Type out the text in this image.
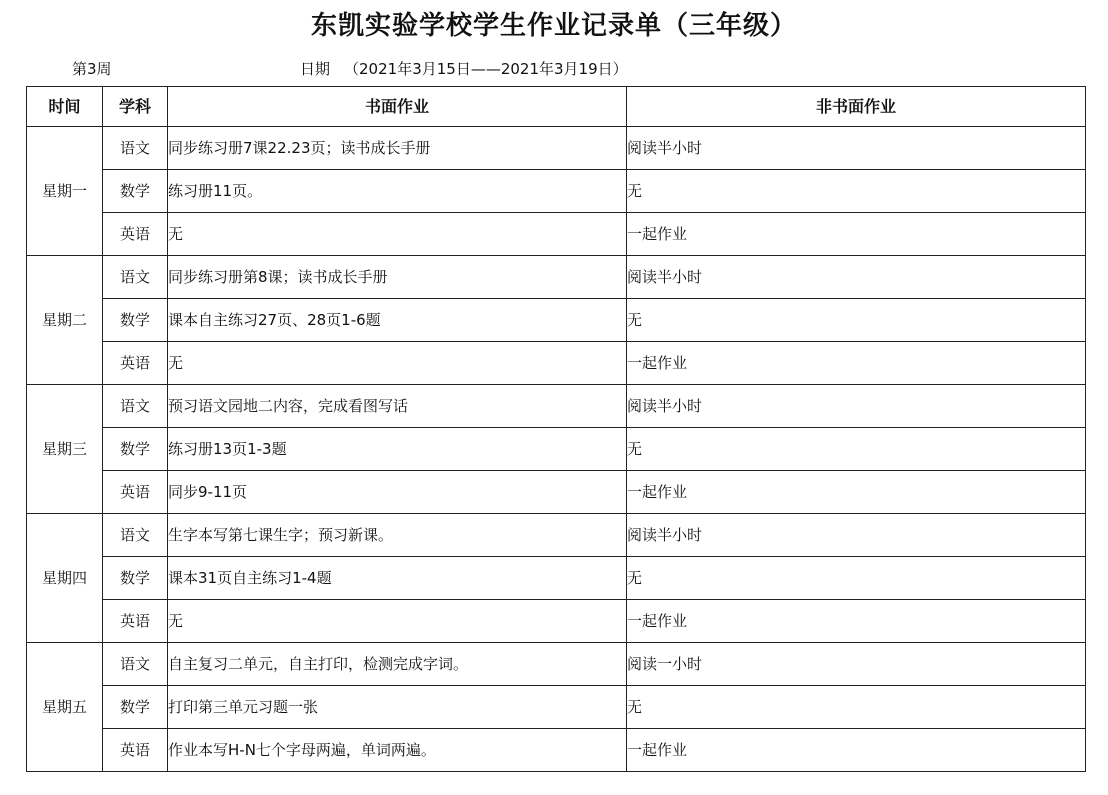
东凯实验学校学生作业记录单（三年级）
第3周	日期 （2021年3月15日——2021年3月19日）
时间	学科	书面作业	非书面作业
星期一	语文	同步练习册7课22.23页；读书成长手册	阅读半小时
	数学	练习册11页。	无
	英语	无	一起作业
星期二	语文	同步练习册第8课；读书成长手册	阅读半小时
	数学	课本自主练习27页、28页1-6题	无
	英语	无	一起作业
星期三	语文	预习语文园地二内容，完成看图写话	阅读半小时
	数学	练习册13页1-3题	无
	英语	同步9-11页	一起作业
星期四	语文	生字本写第七课生字；预习新课。	阅读半小时
	数学	课本31页自主练习1-4题	无
	英语	无	一起作业
星期五	语文	自主复习二单元，自主打印，检测完成字词。	阅读一小时
	数学	打印第三单元习题一张	无
	英语	作业本写H-N七个字母两遍，单词两遍。	一起作业
